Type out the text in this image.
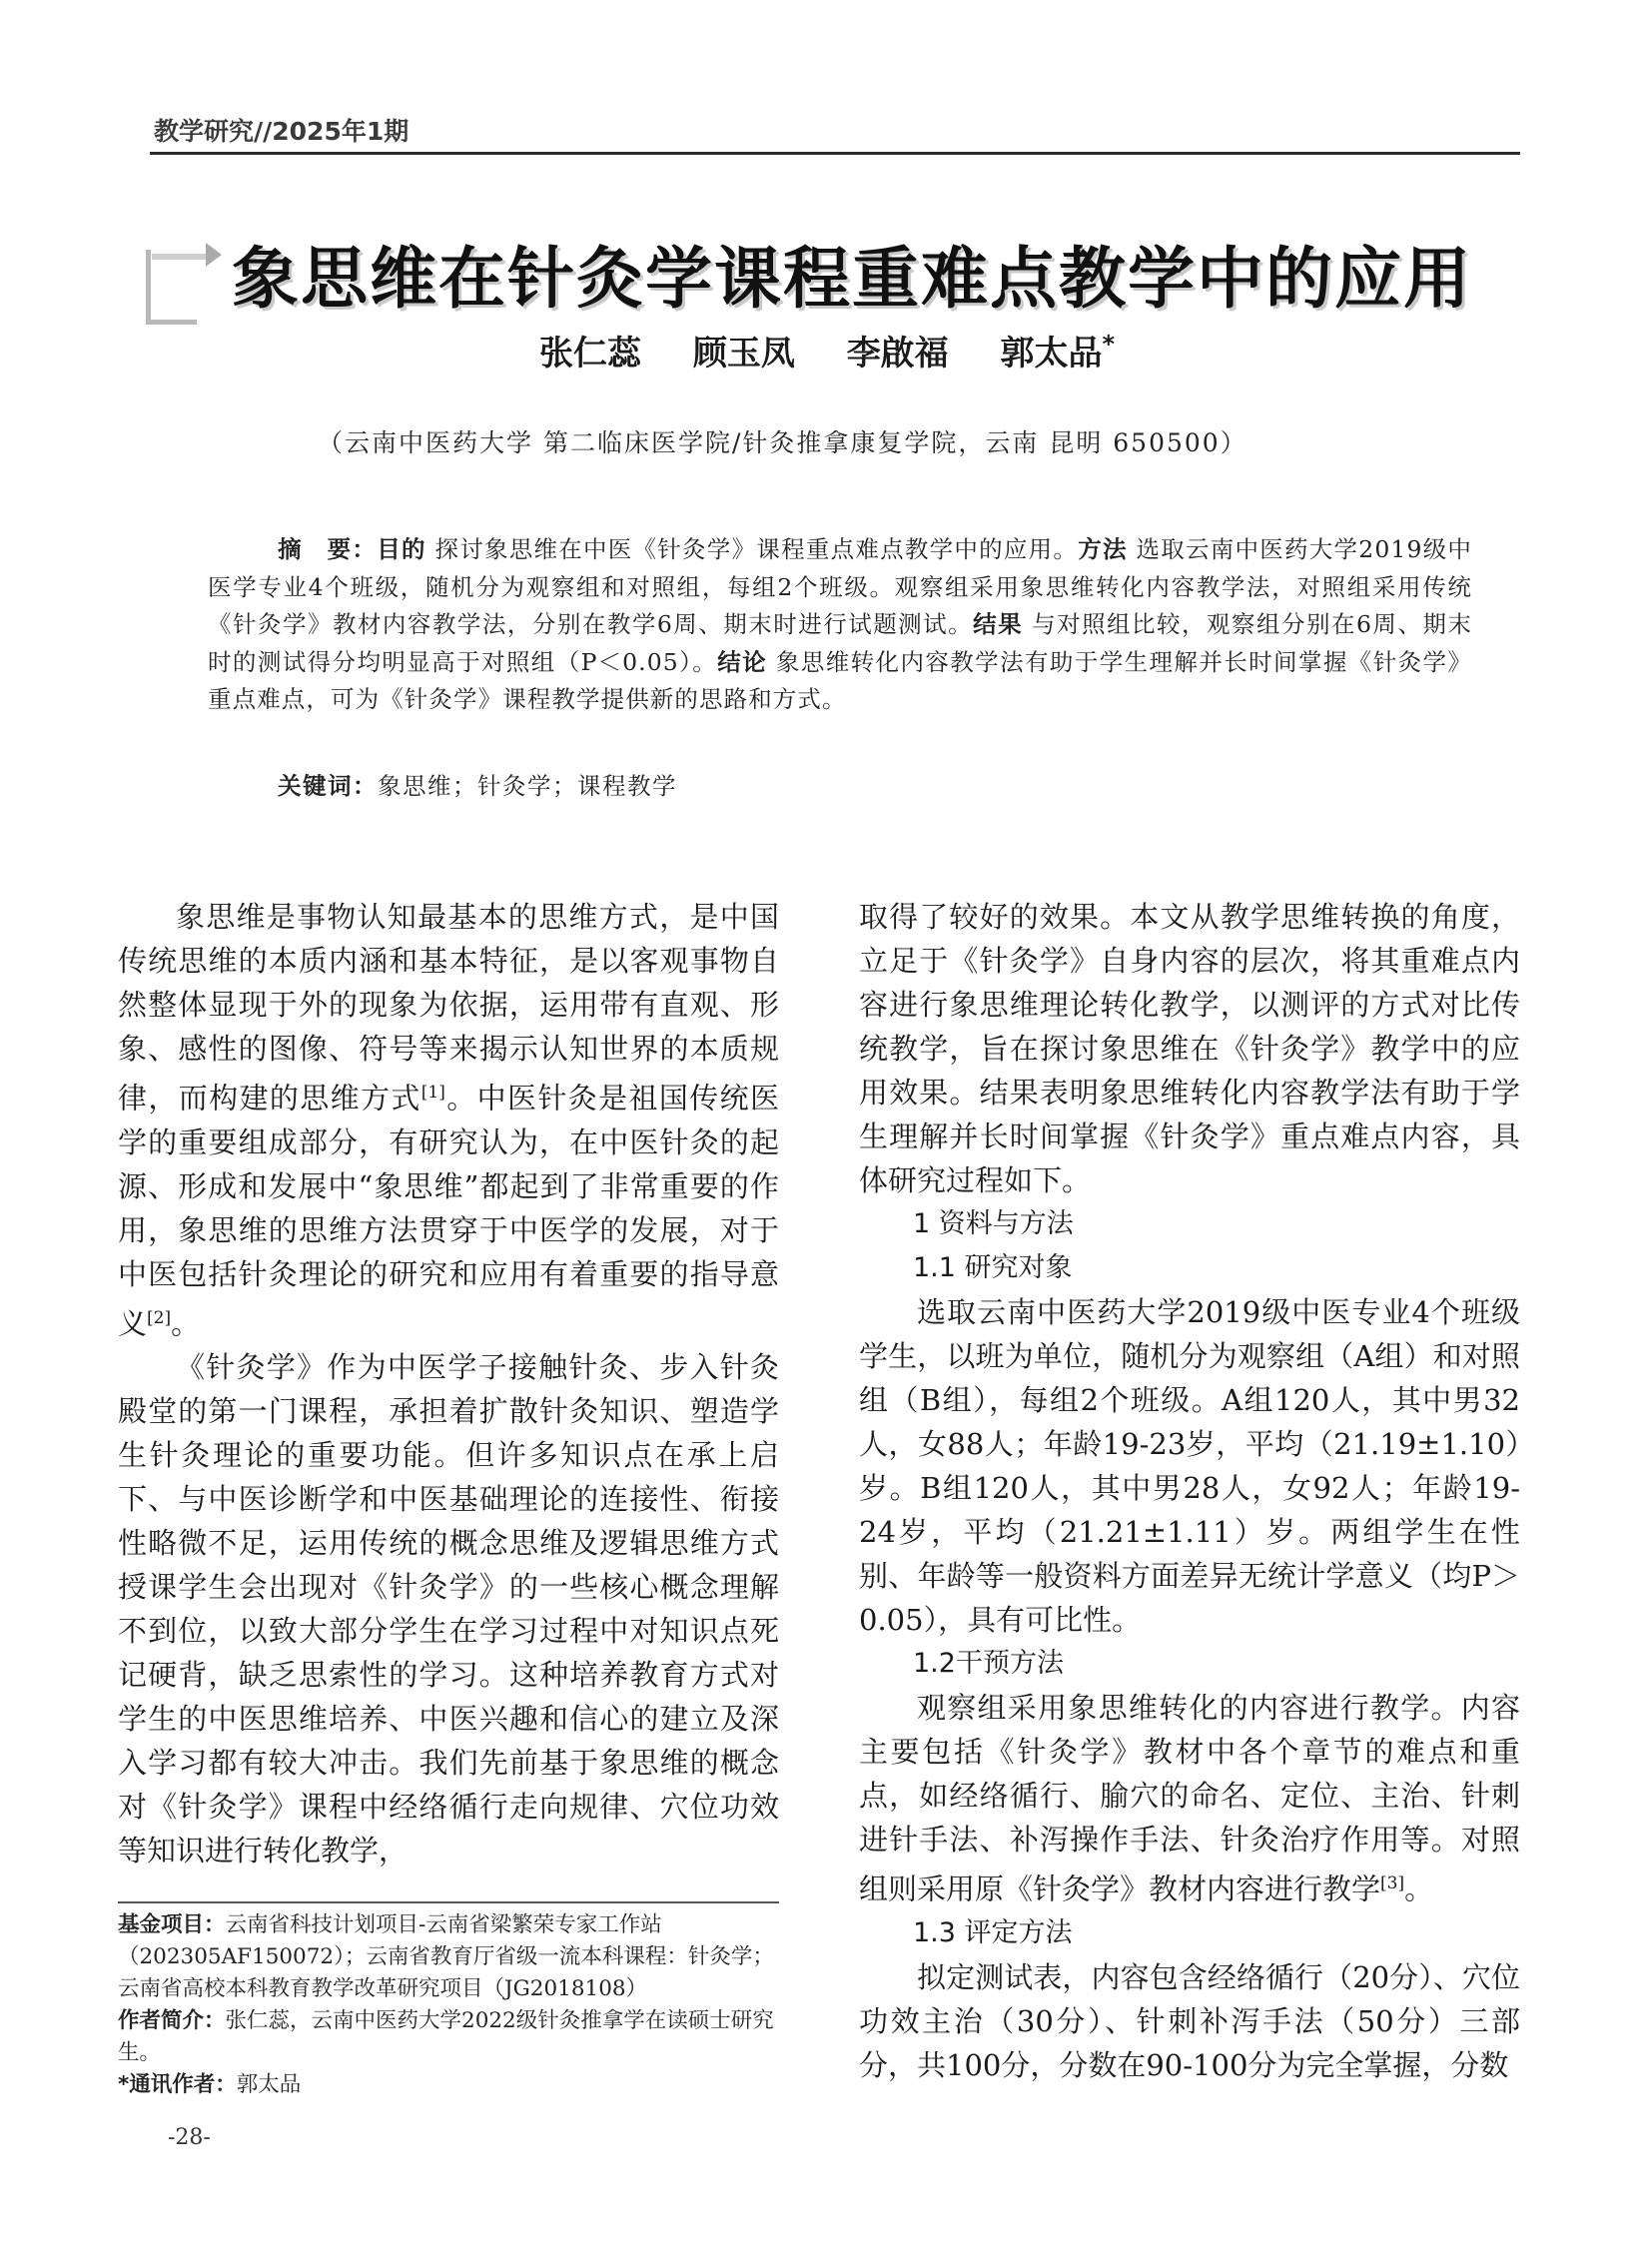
教学研究//2025年1期
象思维在针灸学课程重难点教学中的应用
张仁蕊 顾玉凤 李啟福 郭太品*
（云南中医药大学 第二临床医学院/针灸推拿康复学院，云南 昆明 650500）
摘　要：目的 探讨象思维在中医《针灸学》课程重点难点教学中的应用。方法 选取云南中医药大学2019级中医学专业4个班级，随机分为观察组和对照组，每组2个班级。观察组采用象思维转化内容教学法，对照组采用传统《针灸学》教材内容教学法，分别在教学6周、期末时进行试题测试。结果 与对照组比较，观察组分别在6周、期末时的测试得分均明显高于对照组（P＜0.05）。结论 象思维转化内容教学法有助于学生理解并长时间掌握《针灸学》重点难点，可为《针灸学》课程教学提供新的思路和方式。
关键词：象思维；针灸学；课程教学

象思维是事物认知最基本的思维方式，是中国传统思维的本质内涵和基本特征，是以客观事物自然整体显现于外的现象为依据，运用带有直观、形象、感性的图像、符号等来揭示认知世界的本质规律，而构建的思维方式[1]。中医针灸是祖国传统医学的重要组成部分，有研究认为，在中医针灸的起源、形成和发展中“象思维”都起到了非常重要的作用，象思维的思维方法贯穿于中医学的发展，对于中医包括针灸理论的研究和应用有着重要的指导意义[2]。

《针灸学》作为中医学子接触针灸、步入针灸殿堂的第一门课程，承担着扩散针灸知识、塑造学生针灸理论的重要功能。但许多知识点在承上启下、与中医诊断学和中医基础理论的连接性、衔接性略微不足，运用传统的概念思维及逻辑思维方式授课学生会出现对《针灸学》的一些核心概念理解不到位，以致大部分学生在学习过程中对知识点死记硬背，缺乏思索性的学习。这种培养教育方式对学生的中医思维培养、中医兴趣和信心的建立及深入学习都有较大冲击。我们先前基于象思维的概念对《针灸学》课程中经络循行走向规律、穴位功效等知识进行转化教学，

取得了较好的效果。本文从教学思维转换的角度，立足于《针灸学》自身内容的层次，将其重难点内容进行象思维理论转化教学，以测评的方式对比传统教学，旨在探讨象思维在《针灸学》教学中的应用效果。结果表明象思维转化内容教学法有助于学生理解并长时间掌握《针灸学》重点难点内容，具体研究过程如下。

1 资料与方法

1.1 研究对象

选取云南中医药大学2019级中医专业4个班级学生，以班为单位，随机分为观察组（A组）和对照组（B组），每组2个班级。A组120人，其中男32人，女88人；年龄19-23岁，平均（21.19±1.10）岁。B组120人，其中男28人，女92人；年龄19-24岁，平均（21.21±1.11）岁。两组学生在性别、年龄等一般资料方面差异无统计学意义（均P＞0.05），具有可比性。

1.2干预方法

观察组采用象思维转化的内容进行教学。内容主要包括《针灸学》教材中各个章节的难点和重点，如经络循行、腧穴的命名、定位、主治、针刺进针手法、补泻操作手法、针灸治疗作用等。对照组则采用原《针灸学》教材内容进行教学[3]。

1.3 评定方法

拟定测试表，内容包含经络循行（20分）、穴位功效主治（30分）、针刺补泻手法（50分）三部分，共100分，分数在90-100分为完全掌握，分数

基金项目：云南省科技计划项目-云南省梁繁荣专家工作站（202305AF150072）；云南省教育厅省级一流本科课程：针灸学；云南省高校本科教育教学改革研究项目（JG2018108）

作者简介：张仁蕊，云南中医药大学2022级针灸推拿学在读硕士研究生。

*通讯作者：郭太品

-28-
